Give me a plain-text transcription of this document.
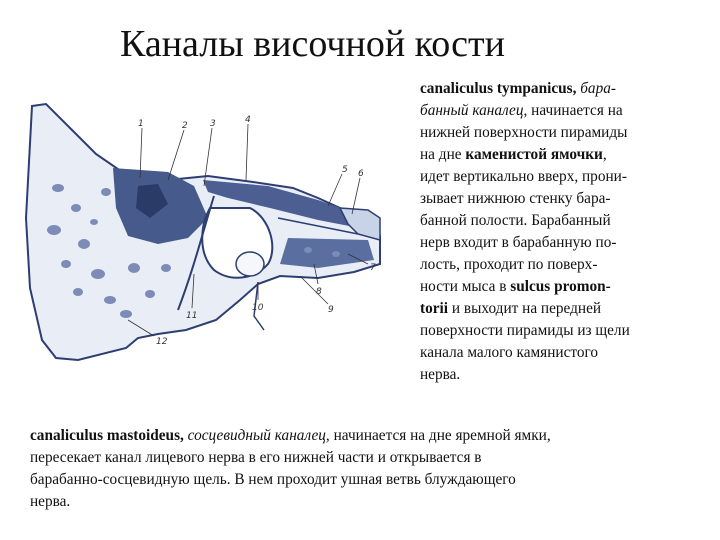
Каналы височной кости
1	2 3	4
5 6
7
8
9
10
11
12
canaliculus tympanicus, бара-
банный каналец, начинается на
нижней поверхности пирамиды
на дне каменистой ямочки,
идет вертикально вверх, прони-
зывает нижнюю стенку бара-
банной полости. Барабанный
нерв входит в барабанную по-
лость, проходит по поверх-
ности мыса в sulcus promon-
torii и выходит на передней
поверхности пирамиды из щели
канала малого камянистого
нерва.
canaliculus mastoideus, сосцевидный каналец, начинается на дне яремной ямки,
пересекает канал лицевого нерва в его нижней части и открывается в
барабанно-сосцевидную щель. В нем проходит ушная ветвь блуждающего
нерва.
